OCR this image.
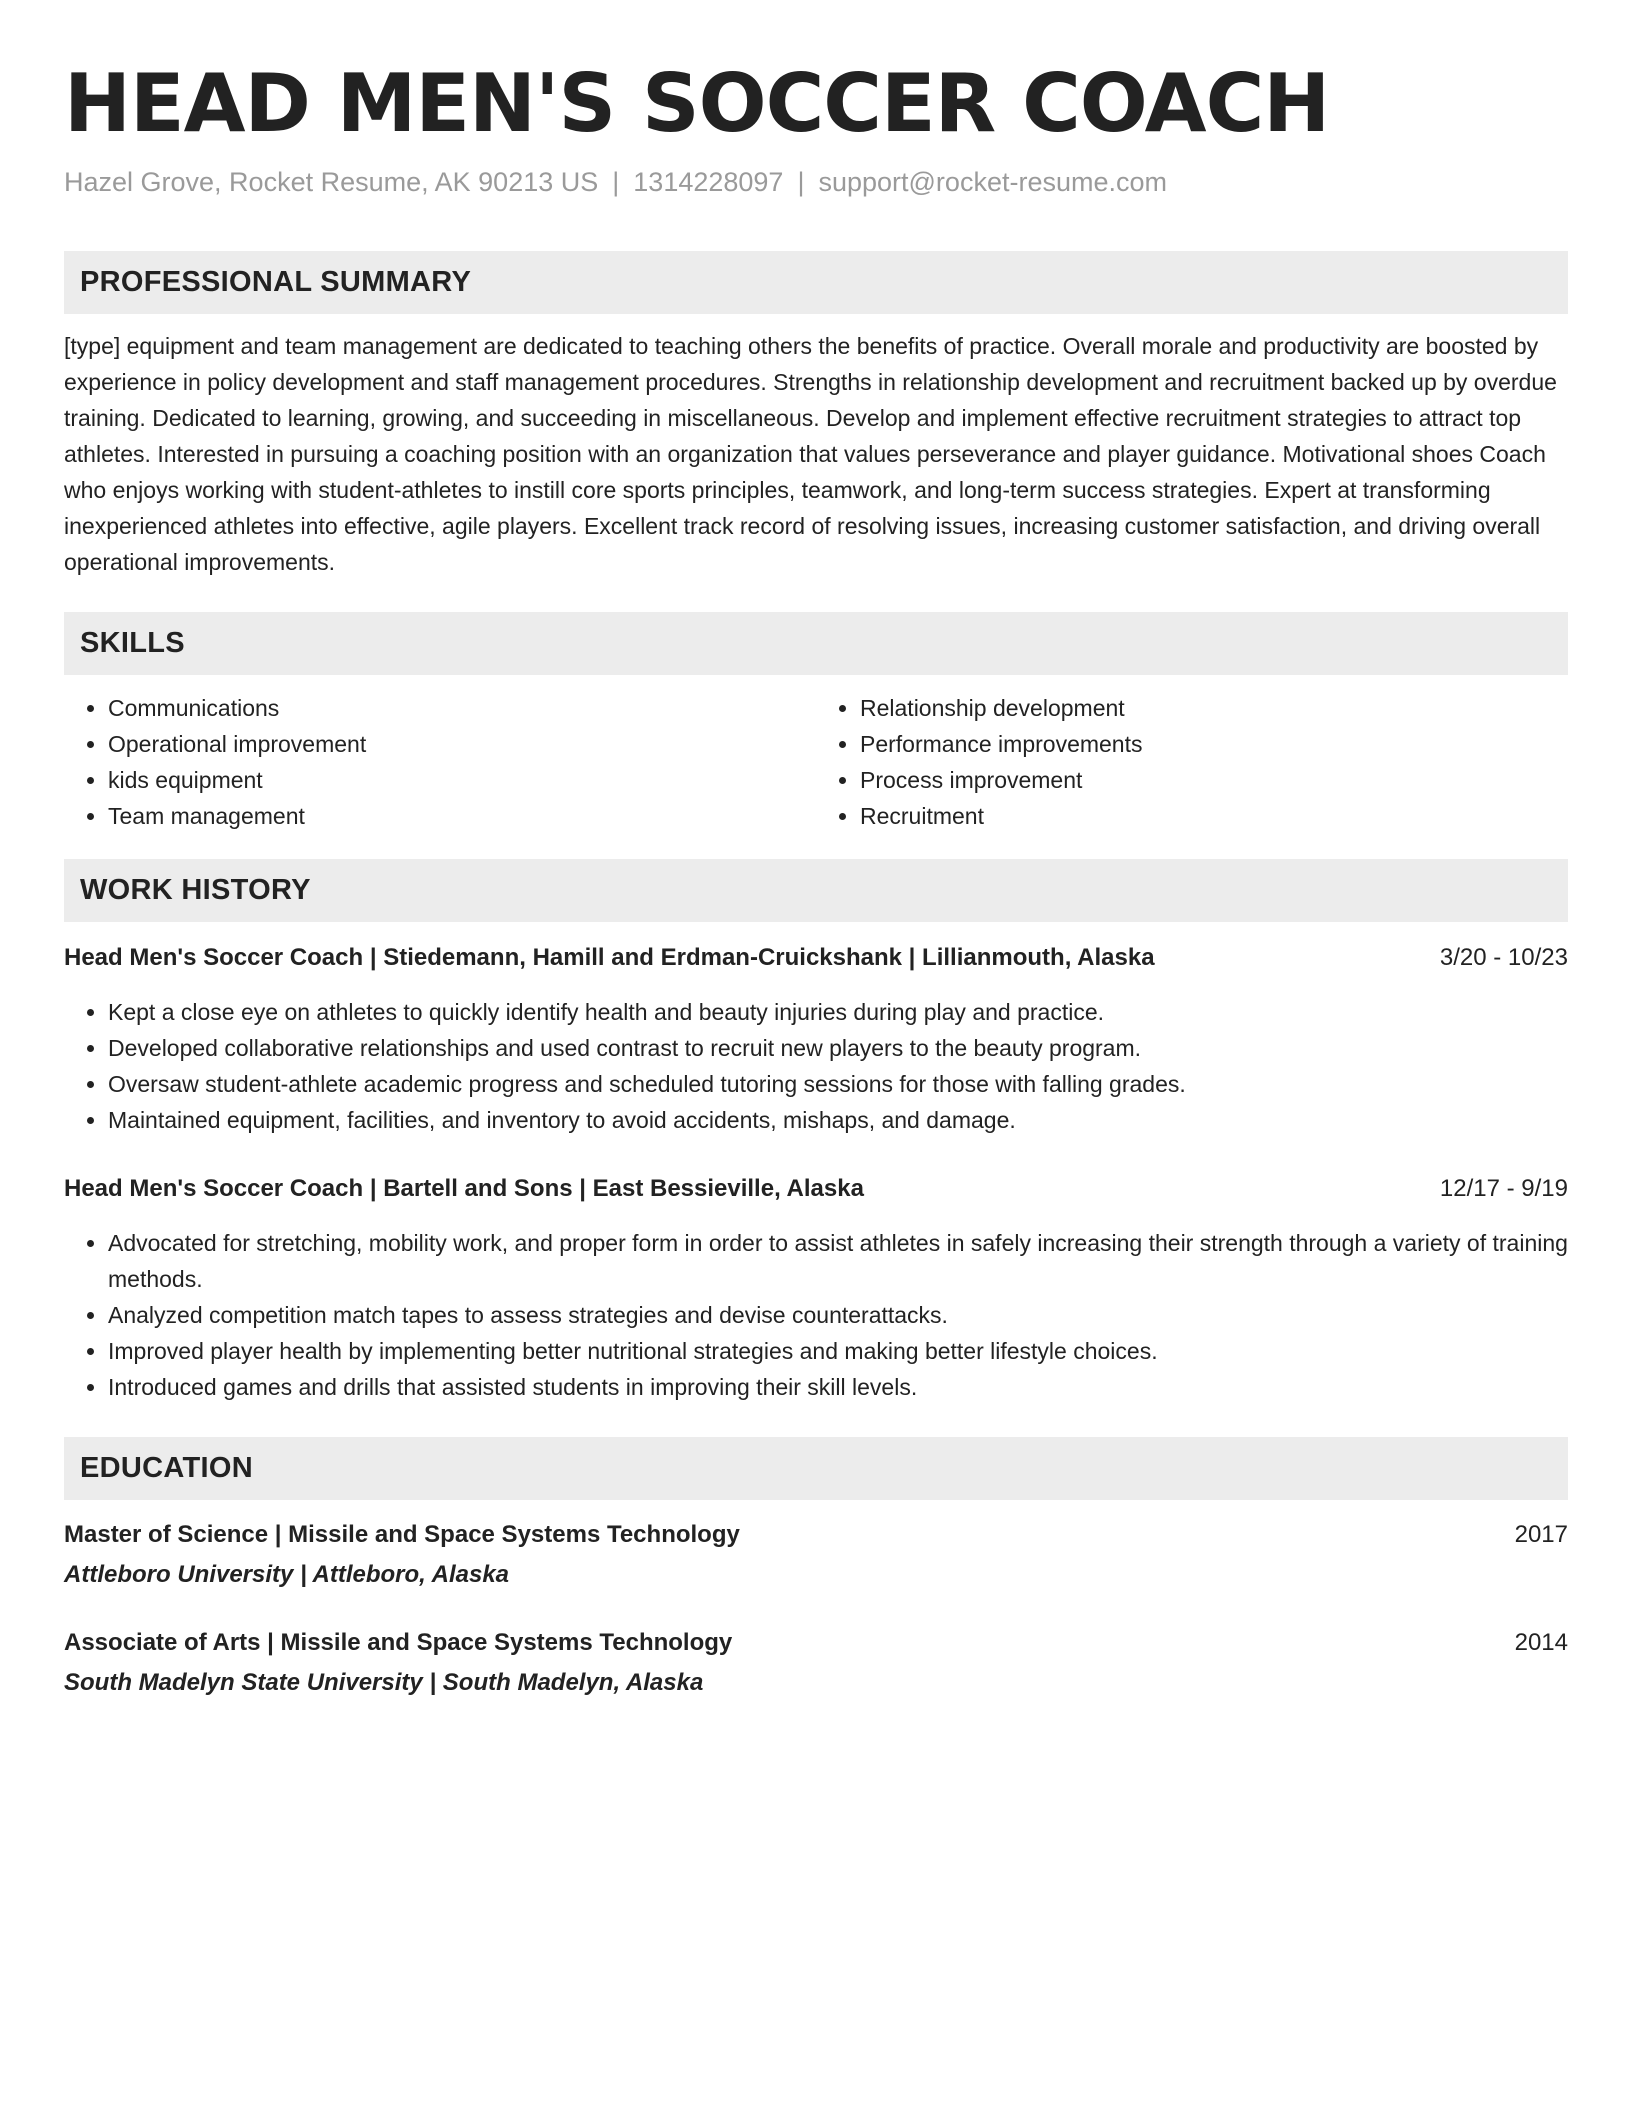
HEAD MEN'S SOCCER COACH
Hazel Grove, Rocket Resume, AK 90213 US | 1314228097 | support@rocket-resume.com
PROFESSIONAL SUMMARY

[type] equipment and team management are dedicated to teaching others the benefits of practice. Overall morale and productivity are boosted by experience in policy development and staff management procedures. Strengths in relationship development and recruitment backed up by overdue training. Dedicated to learning, growing, and succeeding in miscellaneous. Develop and implement effective recruitment strategies to attract top athletes. Interested in pursuing a coaching position with an organization that values perseverance and player guidance. Motivational shoes Coach who enjoys working with student-athletes to instill core sports principles, teamwork, and long-term success strategies. Expert at transforming inexperienced athletes into effective, agile players. Excellent track record of resolving issues, increasing customer satisfaction, and driving overall operational improvements.

SKILLS
• Communications
• Operational improvement
• kids equipment
• Team management
• Relationship development
• Performance improvements
• Process improvement
• Recruitment
WORK HISTORY
Head Men's Soccer Coach | Stiedemann, Hamill and Erdman-Cruickshank | Lillianmouth, Alaska	3/20 - 10/23
• Kept a close eye on athletes to quickly identify health and beauty injuries during play and practice.
• Developed collaborative relationships and used contrast to recruit new players to the beauty program.
• Oversaw student-athlete academic progress and scheduled tutoring sessions for those with falling grades.
• Maintained equipment, facilities, and inventory to avoid accidents, mishaps, and damage.
Head Men's Soccer Coach | Bartell and Sons | East Bessieville, Alaska	12/17 - 9/19
• Advocated for stretching, mobility work, and proper form in order to assist athletes in safely increasing their strength through a variety of training methods.
• Analyzed competition match tapes to assess strategies and devise counterattacks.
• Improved player health by implementing better nutritional strategies and making better lifestyle choices.
• Introduced games and drills that assisted students in improving their skill levels.
EDUCATION
Master of Science | Missile and Space Systems Technology	2017
Attleboro University | Attleboro, Alaska
Associate of Arts | Missile and Space Systems Technology	2014
South Madelyn State University | South Madelyn, Alaska
